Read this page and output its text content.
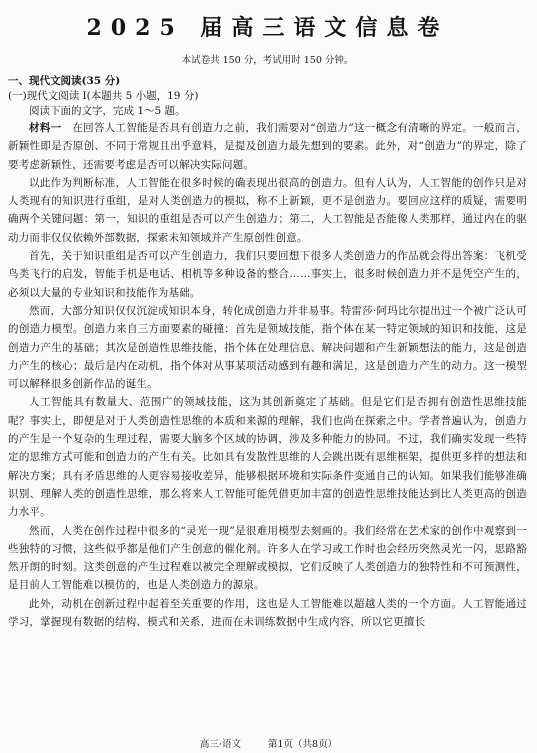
2025 届高三语文信息卷
本试卷共 150 分，考试用时 150 分钟。
一、现代文阅读(35 分)
(一)现代文阅读 I(本题共 5 小题，19 分)
阅读下面的文字，完成 1～5 题。

材料一  在回答人工智能是否具有创造力之前，我们需要对“创造力”这一概念有清晰的界定。一般而言，新颖性即是否原创、不同于常规且出乎意料，是提及创造力最先想到的要素。此外，对“创造力”的界定，除了要考虑新颖性，还需要考虑是否可以解决实际问题。

以此作为判断标准，人工智能在很多时候的确表现出很高的创造力。但有人认为，人工智能的创作只是对人类现有的知识进行重组，是对人类创造力的模拟，称不上新颖，更不是创造力。要回应这样的质疑，需要明确两个关键问题：第一，知识的重组是否可以产生创造力；第二，人工智能是否能像人类那样，通过内在的驱动力而非仅仅依赖外部数据，探索未知领域并产生原创性创意。

首先，关于知识重组是否可以产生创造力，我们只要回想下很多人类创造力的作品就会得出答案：飞机受鸟类飞行的启发，智能手机是电话、相机等多种设备的整合……事实上，很多时候创造力并不是凭空产生的，必须以大量的专业知识和技能作为基础。

然而，大部分知识仅仅沉淀成知识本身，转化成创造力并非易事。特雷莎·阿玛比尔提出过一个被广泛认可的创造力模型。创造力来自三方面要素的碰撞：首先是领域技能，指个体在某一特定领域的知识和技能，这是创造力产生的基础；其次是创造性思维技能，指个体在处理信息、解决问题和产生新颖想法的能力，这是创造力产生的核心；最后是内在动机，指个体对从事某项活动感到有趣和满足，这是创造力产生的动力。这一模型可以解释很多创新作品的诞生。

人工智能具有数量大、范围广的领域技能，这为其创新奠定了基础。但是它们是否拥有创造性思维技能呢？事实上，即便是对于人类创造性思维的本质和来源的理解，我们也尚在探索之中。学者普遍认为，创造力的产生是一个复杂的生理过程，需要大脑多个区域的协调，涉及多种能力的协同。不过，我们确实发现一些特定的思维方式可能和创造力的产生有关。比如具有发散性思维的人会跳出既有思维框架，提供更多样的想法和解决方案；具有矛盾思维的人更容易接收差异，能够根据环境和实际条件变通自己的认知。如果我们能够准确识别、理解人类的创造性思维，那么将来人工智能可能凭借更加丰富的创造性思维技能达到比人类更高的创造力水平。

然而，人类在创作过程中很多的“灵光一现”是很难用模型去刻画的。我们经常在艺术家的创作中观察到一些独特的习惯，这些似乎都是他们产生创意的催化剂。许多人在学习或工作时也会经历突然灵光一闪，思路豁然开朗的时刻。这类创意的产生过程难以被完全理解或模拟，它们反映了人类创造力的独特性和不可预测性，是目前人工智能难以模仿的，也是人类创造力的源泉。

此外，动机在创新过程中起着至关重要的作用，这也是人工智能难以超越人类的一个方面。人工智能通过学习，掌握现有数据的结构、模式和关系，进而在未训练数据中生成内容，所以它更擅长

高三·语文	第1页（共8页）
